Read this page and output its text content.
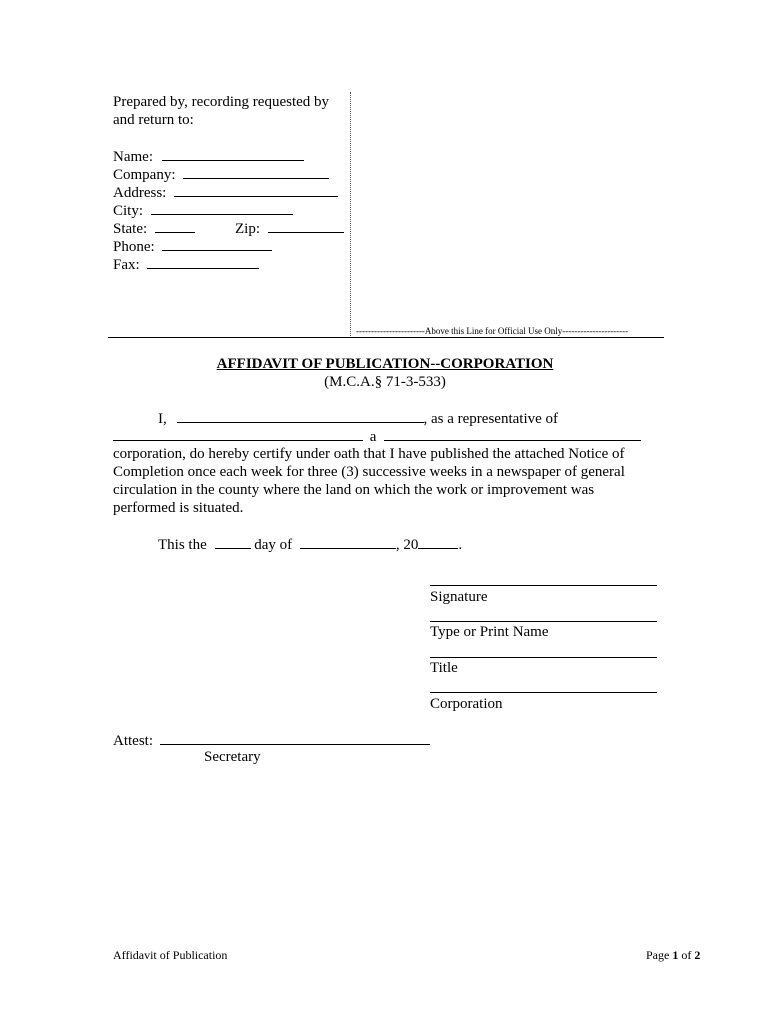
Prepared by, recording requested by
and return to:
Name:
Company:
Address:
City:
State:	Zip:
Phone:
Fax:
-----------------------Above this Line for Official Use Only----------------------
AFFIDAVIT OF PUBLICATION--CORPORATION
(M.C.A.§ 71-3-533)
I,	, as a representative of
a
corporation, do hereby certify under oath that I have published the attached Notice of
Completion once each week for three (3) successive weeks in a newspaper of general
circulation in the county where the land on which the work or improvement was
performed is situated.
This the	day of	, 20	.
Signature
Type or Print Name
Title
Corporation
Attest:
Secretary
Affidavit of Publication	Page 1 of 2
